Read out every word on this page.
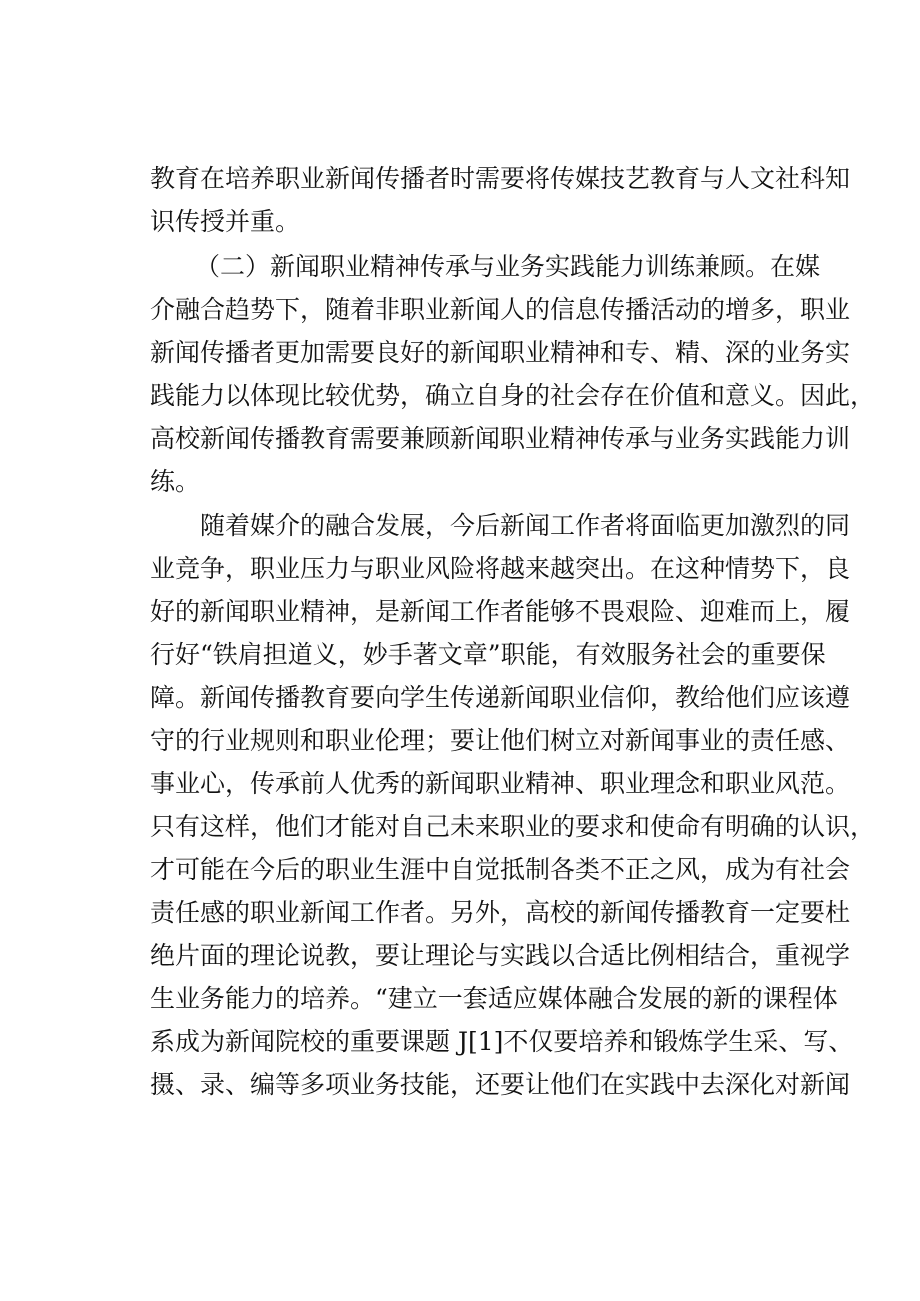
教育在培养职业新闻传播者时需要将传媒技艺教育与人文社科知
识传授并重。
（二）新闻职业精神传承与业务实践能力训练兼顾。在媒
介融合趋势下，随着非职业新闻人的信息传播活动的增多，职业
新闻传播者更加需要良好的新闻职业精神和专、精、深的业务实
践能力以体现比较优势，确立自身的社会存在价值和意义。因此，
高校新闻传播教育需要兼顾新闻职业精神传承与业务实践能力训
练。
随着媒介的融合发展，今后新闻工作者将面临更加激烈的同
业竞争，职业压力与职业风险将越来越突出。在这种情势下，良
好的新闻职业精神，是新闻工作者能够不畏艰险、迎难而上，履
行好“铁肩担道义，妙手著文章”职能，有效服务社会的重要保
障。新闻传播教育要向学生传递新闻职业信仰，教给他们应该遵
守的行业规则和职业伦理；要让他们树立对新闻事业的责任感、
事业心，传承前人优秀的新闻职业精神、职业理念和职业风范。
只有这样，他们才能对自己未来职业的要求和使命有明确的认识，
才可能在今后的职业生涯中自觉抵制各类不正之风，成为有社会
责任感的职业新闻工作者。另外，高校的新闻传播教育一定要杜
绝片面的理论说教，要让理论与实践以合适比例相结合，重视学
生业务能力的培养。“建立一套适应媒体融合发展的新的课程体
系成为新闻院校的重要课题 J[1]不仅要培养和锻炼学生采、写、
摄、录、编等多项业务技能，还要让他们在实践中去深化对新闻
